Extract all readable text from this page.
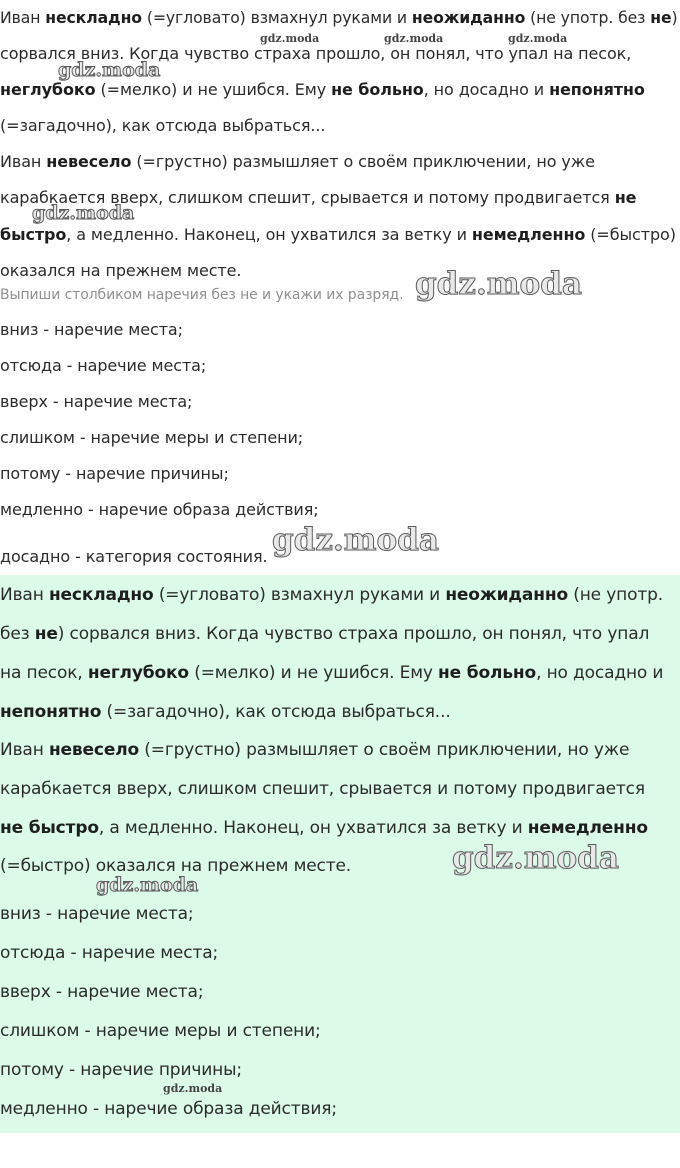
Иван нескладно (=угловато) взмахнул руками и неожиданно (не употр. без не)
сорвался вниз. Когда чувство страха прошло, он понял, что упал на песок,
неглубоко (=мелко) и не ушибся. Ему не больно, но досадно и непонятно
(=загадочно), как отсюда выбраться...
Иван невесело (=грустно) размышляет о своём приключении, но уже
карабкается вверх, слишком спешит, срывается и потому продвигается не
быстро, а медленно. Наконец, он ухватился за ветку и немедленно (=быстро)
оказался на прежнем месте.
Выпиши столбиком наречия без не и укажи их разряд.
вниз - наречие места;
отсюда - наречие места;
вверх - наречие места;
слишком - наречие меры и степени;
потому - наречие причины;
медленно - наречие образа действия;
досадно - категория состояния.
Иван нескладно (=угловато) взмахнул руками и неожиданно (не употр.
без не) сорвался вниз. Когда чувство страха прошло, он понял, что упал
на песок, неглубоко (=мелко) и не ушибся. Ему не больно, но досадно и
непонятно (=загадочно), как отсюда выбраться...
Иван невесело (=грустно) размышляет о своём приключении, но уже
карабкается вверх, слишком спешит, срывается и потому продвигается
не быстро, а медленно. Наконец, он ухватился за ветку и немедленно
(=быстро) оказался на прежнем месте.
вниз - наречие места;
отсюда - наречие места;
вверх - наречие места;
слишком - наречие меры и степени;
потому - наречие причины;
медленно - наречие образа действия;
gdz.moda	gdz.moda	gdz.moda
gdz.moda
gdz.moda
gdz.moda
gdz.moda
gdz.moda
gdz.moda
gdz.moda
